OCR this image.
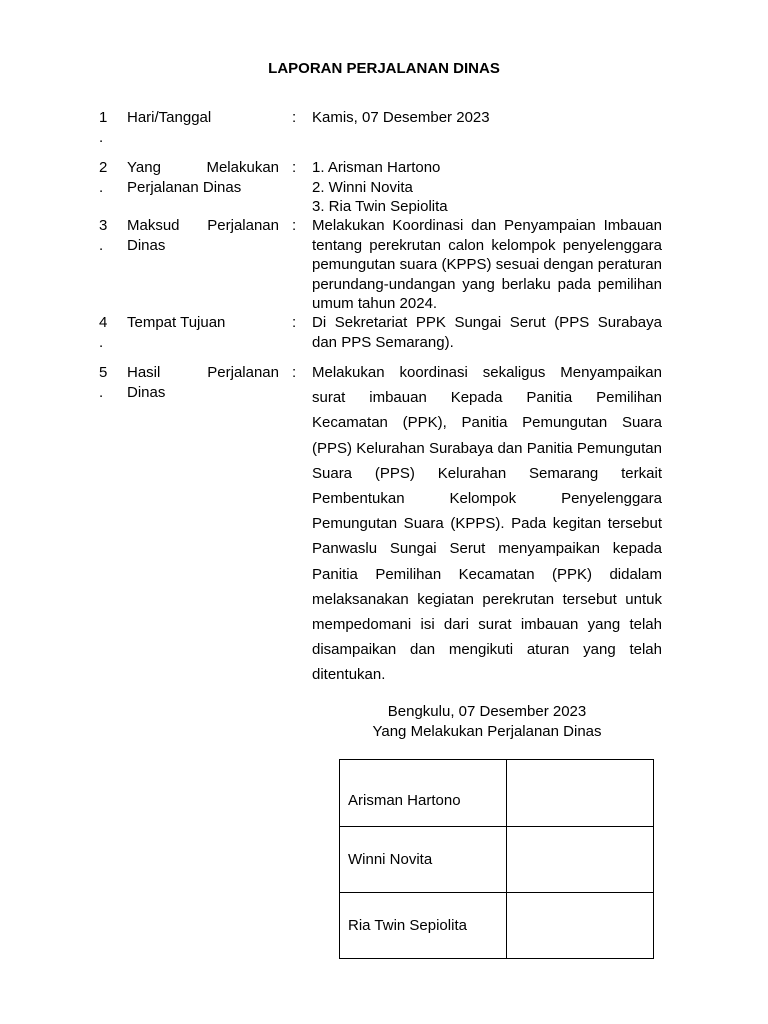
LAPORAN PERJALANAN DINAS
1
.
Hari/Tanggal	: Kamis, 07 Desember 2023
2
.
Yang Melakukan
Perjalanan Dinas
: 1. Arisman Hartono
2. Winni Novita
3. Ria Twin Sepiolita
3
.
Maksud Perjalanan
Dinas
: Melakukan Koordinasi dan Penyampaian Imbauan tentang perekrutan calon kelompok penyelenggara pemungutan suara (KPPS) sesuai dengan peraturan perundang-undangan yang berlaku pada pemilihan umum tahun 2024.
4
.
Tempat Tujuan	: Di Sekretariat PPK Sungai Serut (PPS Surabaya dan PPS Semarang).
5
.
Hasil Perjalanan
Dinas
: Melakukan koordinasi sekaligus Menyampaikan surat imbauan Kepada Panitia Pemilihan Kecamatan (PPK), Panitia Pemungutan Suara (PPS) Kelurahan Surabaya dan Panitia Pemungutan Suara (PPS) Kelurahan Semarang terkait Pembentukan Kelompok Penyelenggara Pemungutan Suara (KPPS). Pada kegitan tersebut Panwaslu Sungai Serut menyampaikan kepada Panitia Pemilihan Kecamatan (PPK) didalam melaksanakan kegiatan perekrutan tersebut untuk mempedomani isi dari surat imbauan yang telah disampaikan dan mengikuti aturan yang telah ditentukan.
Bengkulu, 07 Desember 2023
Yang Melakukan Perjalanan Dinas
Arisman Hartono	
Winni Novita	
Ria Twin Sepiolita	
